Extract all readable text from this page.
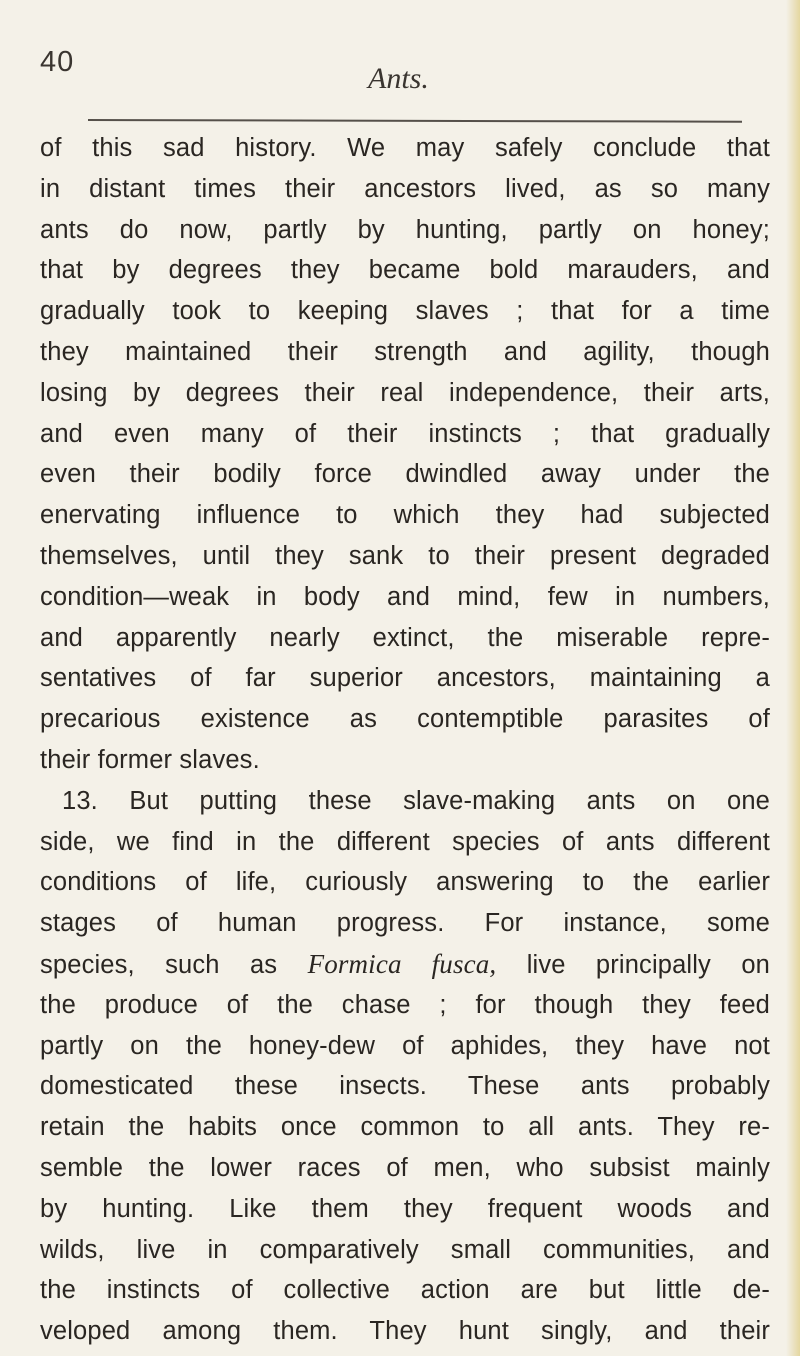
40	Ants.
of this sad history. We may safely conclude that
in distant times their ancestors lived, as so many
ants do now, partly by hunting, partly on honey;
that by degrees they became bold marauders, and
gradually took to keeping slaves ; that for a time
they maintained their strength and agility, though
losing by degrees their real independence, their arts,
and even many of their instincts ; that gradually
even their bodily force dwindled away under the
enervating influence to which they had subjected
themselves, until they sank to their present degraded
condition—weak in body and mind, few in numbers,
and apparently nearly extinct, the miserable repre-
sentatives of far superior ancestors, maintaining a
precarious existence as contemptible parasites of
their former slaves.
13. But putting these slave-making ants on one
side, we find in the different species of ants different
conditions of life, curiously answering to the earlier
stages of human progress. For instance, some
species, such as Formica fusca, live principally on
the produce of the chase ; for though they feed
partly on the honey-dew of aphides, they have not
domesticated these insects. These ants probably
retain the habits once common to all ants. They re-
semble the lower races of men, who subsist mainly
by hunting. Like them they frequent woods and
wilds, live in comparatively small communities, and
the instincts of collective action are but little de-
veloped among them. They hunt singly, and their
